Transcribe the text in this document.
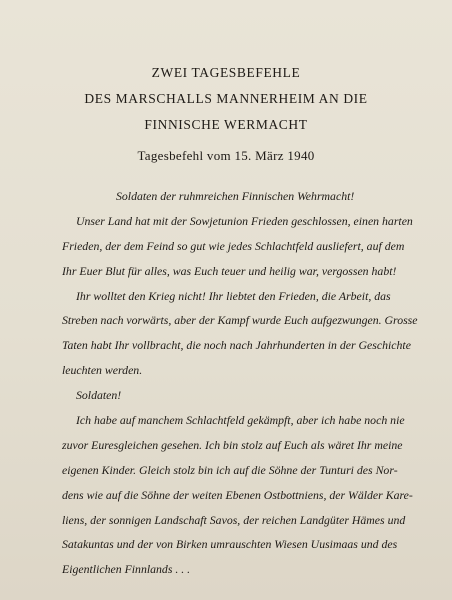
ZWEI TAGESBEFEHLE
DES MARSCHALLS MANNERHEIM AN DIE
FINNISCHE WERMACHT
Tagesbefehl vom 15. März 1940
Soldaten der ruhmreichen Finnischen Wehrmacht!
Unser Land hat mit der Sowjetunion Frieden geschlossen, einen harten
Frieden, der dem Feind so gut wie jedes Schlachtfeld ausliefert, auf dem
Ihr Euer Blut für alles, was Euch teuer und heilig war, vergossen habt!
Ihr wolltet den Krieg nicht! Ihr liebtet den Frieden, die Arbeit, das
Streben nach vorwärts, aber der Kampf wurde Euch aufgezwungen. Grosse
Taten habt Ihr vollbracht, die noch nach Jahrhunderten in der Geschichte
leuchten werden.
Soldaten!
Ich habe auf manchem Schlachtfeld gekämpft, aber ich habe noch nie
zuvor Euresgleichen gesehen. Ich bin stolz auf Euch als wäret Ihr meine
eigenen Kinder. Gleich stolz bin ich auf die Söhne der Tunturi des Nor-
dens wie auf die Söhne der weiten Ebenen Ostbottniens, der Wälder Kare-
liens, der sonnigen Landschaft Savos, der reichen Landgüter Hämes und
Satakuntas und der von Birken umrauschten Wiesen Uusimaas und des
Eigentlichen Finnlands . . .
